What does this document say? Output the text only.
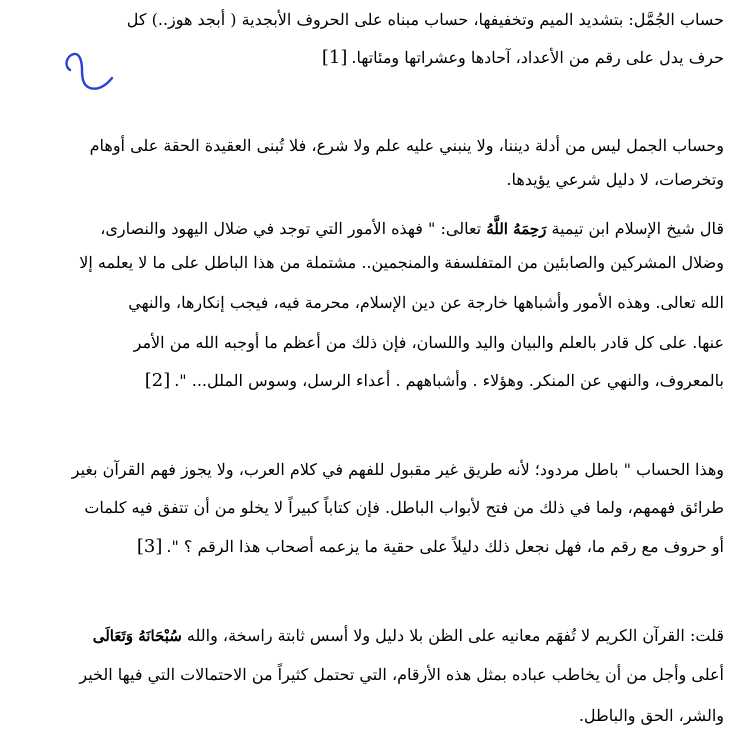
حساب الجُمَّل: بتشديد الميم وتخفيفها، حساب مبناه على الحروف الأبجدية ( أبجد هوز..) كل
حرف يدل على رقم من الأعداد، آحادها وعشراتها ومئاتها.[1]
وحساب الجمل ليس من أدلة ديننا، ولا ينبني عليه علم ولا شرع، فلا تُبنى العقيدة الحقة على أوهام
وتخرصات، لا دليل شرعي يؤيدها.
قال شيخ الإسلام ابن تيمية رَحِمَهُ اللَّهُ تعالى: " فهذه الأمور التي توجد في ضلال اليهود والنصارى،
وضلال المشركين والصابئين من المتفلسفة والمنجمين.. مشتملة من هذا الباطل على ما لا يعلمه إلا
الله تعالى. وهذه الأمور وأشباهها خارجة عن دين الإسلام، محرمة فيه، فيجب إنكارها، والنهي
عنها. على كل قادر بالعلم والبيان واليد واللسان، فإن ذلك من أعظم ما أوجبه الله من الأمر
بالمعروف، والنهي عن المنكر. وهؤلاء . وأشباههم . أعداء الرسل، وسوس الملل... ".[2]
وهذا الحساب " باطل مردود؛ لأنه طريق غير مقبول للفهم في كلام العرب، ولا يجوز فهم القرآن بغير
طرائق فهمهم، ولما في ذلك من فتح لأبواب الباطل. فإن كتاباً كبيراً لا يخلو من أن تتفق فيه كلمات
أو حروف مع رقم ما، فهل نجعل ذلك دليلاً على حقية ما يزعمه أصحاب هذا الرقم ؟ ".[3]
قلت: القرآن الكريم لا تُفهَم معانيه على الظن بلا دليل ولا أسس ثابتة راسخة، والله سُبْحَانَهُ وَتَعَالَى
أعلى وأجل من أن يخاطب عباده بمثل هذه الأرقام، التي تحتمل كثيراً من الاحتمالات التي فيها الخير
والشر، الحق والباطل.
